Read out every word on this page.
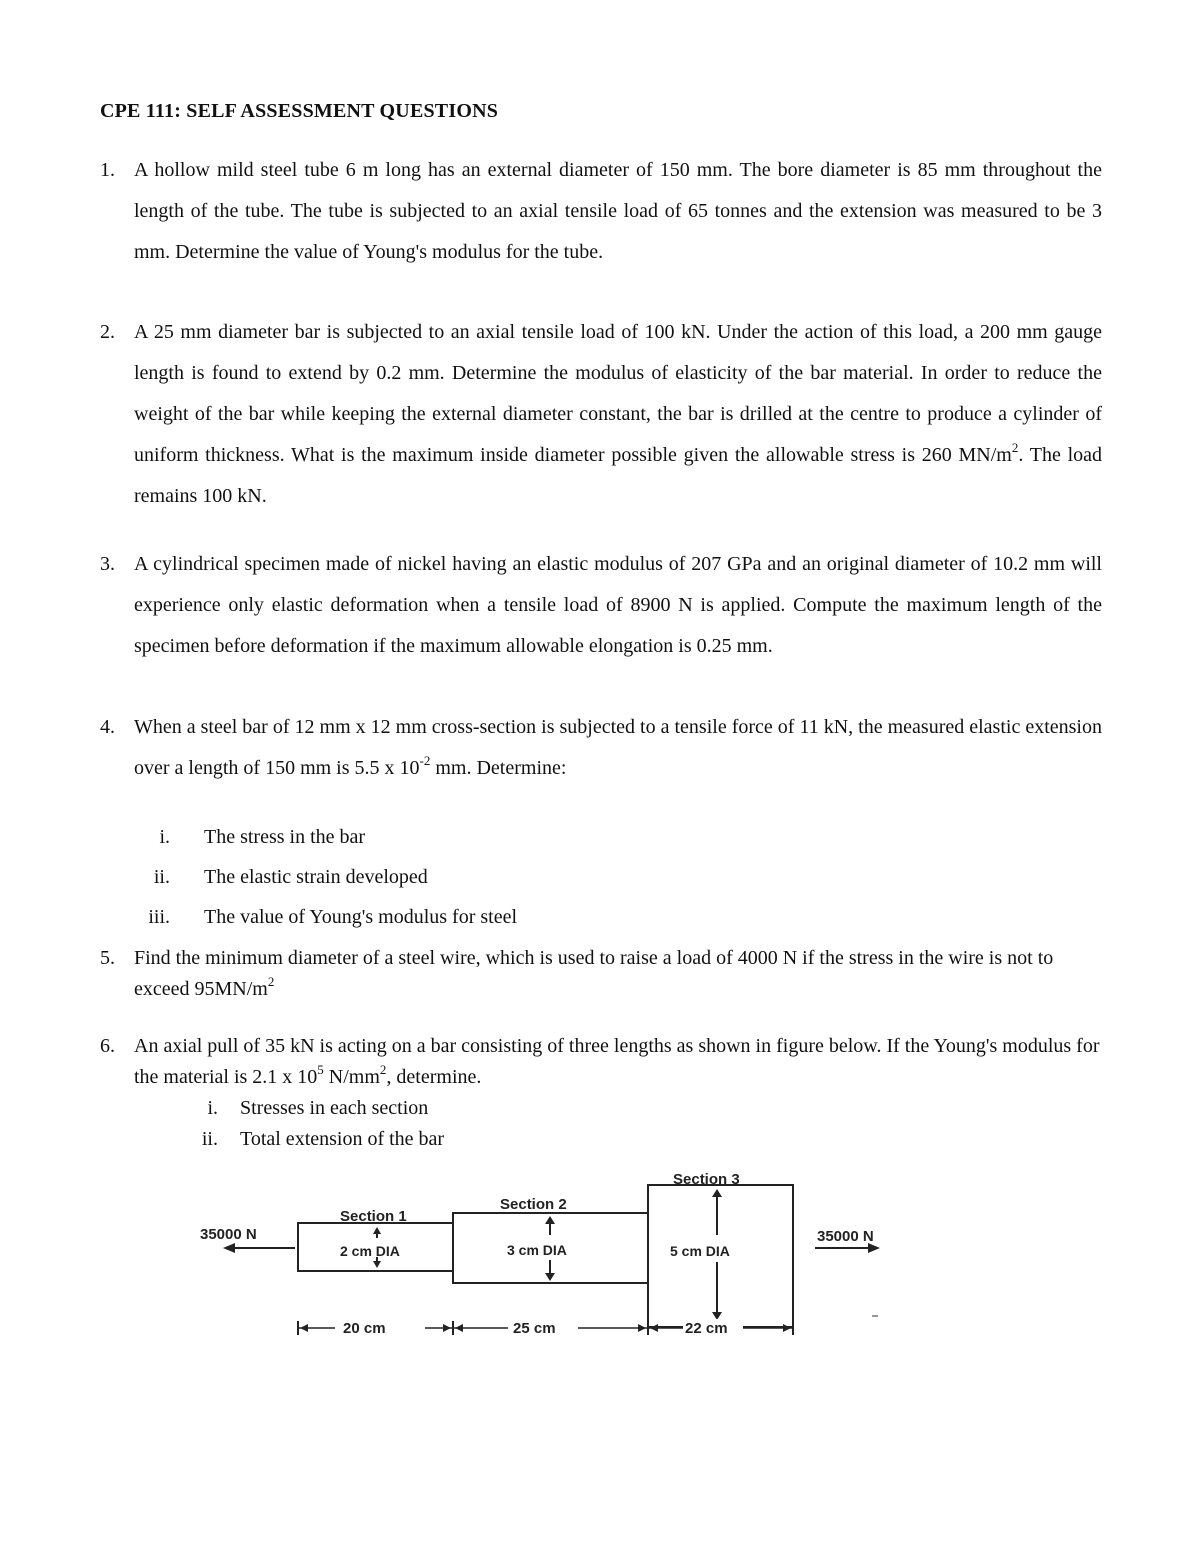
CPE 111: SELF ASSESSMENT QUESTIONS
1. A hollow mild steel tube 6 m long has an external diameter of 150 mm. The bore diameter is 85 mm throughout the length of the tube. The tube is subjected to an axial tensile load of 65 tonnes and the extension was measured to be 3 mm. Determine the value of Young's modulus for the tube.
2. A 25 mm diameter bar is subjected to an axial tensile load of 100 kN. Under the action of this load, a 200 mm gauge length is found to extend by 0.2 mm. Determine the modulus of elasticity of the bar material. In order to reduce the weight of the bar while keeping the external diameter constant, the bar is drilled at the centre to produce a cylinder of uniform thickness. What is the maximum inside diameter possible given the allowable stress is 260 $MN/m^2$. The load remains 100 kN.
3. A cylindrical specimen made of nickel having an elastic modulus of 207 GPa and an original diameter of 10.2 mm will experience only elastic deformation when a tensile load of 8900 N is applied. Compute the maximum length of the specimen before deformation if the maximum allowable elongation is 0.25 mm.
4. When a steel bar of 12 mm x 12 mm cross-section is subjected to a tensile force of 11 kN, the measured elastic extension over a length of 150 mm is 5.5 x $10^{-2}$ mm. Determine:
i. The stress in the bar
ii. The elastic strain developed
iii. The value of Young's modulus for steel
5. Find the minimum diameter of a steel wire, which is used to raise a load of 4000 N if the stress in the wire is not to exceed $95MN/m^2$
6. An axial pull of 35 kN is acting on a bar consisting of three lengths as shown in figure below. If the Young's modulus for the material is 2.1 x $10^5$ $N/mm^2$, determine.
i. Stresses in each section
ii. Total extension of the bar
35000 N	35000 N
Section 1
2 cm DIA
Section 2
3 cm DIA
Section 3
5 cm DIA
20 cm	25 cm	22 cm
